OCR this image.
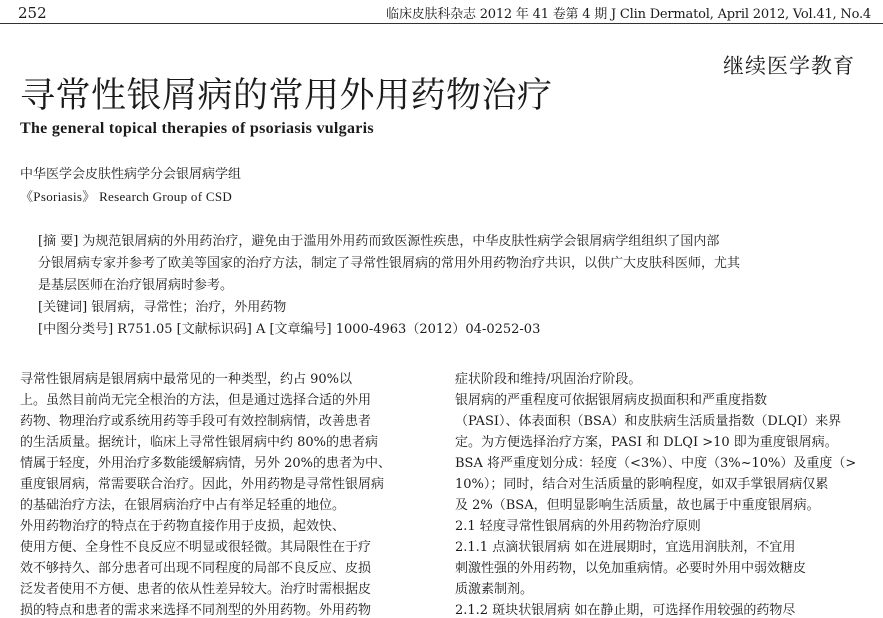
252	临床皮肤科杂志 2012 年 41 卷第 4 期 J Clin Dermatol, April 2012, Vol.41, No.4
继续医学教育
寻常性银屑病的常用外用药物治疗
The general topical therapies of psoriasis vulgaris
中华医学会皮肤性病学分会银屑病学组
《Psoriasis》 Research Group of CSD
[摘 要] 为规范银屑病的外用药治疗，避免由于滥用外用药而致医源性疾患，中华皮肤性病学会银屑病学组组织了国内部
分银屑病专家并参考了欧美等国家的治疗方法，制定了寻常性银屑病的常用外用药物治疗共识，以供广大皮肤科医师，尤其
是基层医师在治疗银屑病时参考。
[关键词] 银屑病，寻常性；治疗，外用药物
[中图分类号] R751.05 [文献标识码] A [文章编号] 1000-4963（2012）04-0252-03
寻常性银屑病是银屑病中最常见的一种类型，约占 90%以
上。虽然目前尚无完全根治的方法，但是通过选择合适的外用
药物、物理治疗或系统用药等手段可有效控制病情，改善患者
的生活质量。据统计，临床上寻常性银屑病中约 80%的患者病
情属于轻度，外用治疗多数能缓解病情，另外 20%的患者为中、
重度银屑病，常需要联合治疗。因此，外用药物是寻常性银屑病
的基础治疗方法，在银屑病治疗中占有举足轻重的地位。
外用药物治疗的特点在于药物直接作用于皮损，起效快、
使用方便、全身性不良反应不明显或很轻微。其局限性在于疗
效不够持久、部分患者可出现不同程度的局部不良反应、皮损
泛发者使用不方便、患者的依从性差异较大。治疗时需根据皮
损的特点和患者的需求来选择不同剂型的外用药物。外用药物
症状阶段和维持/巩固治疗阶段。
银屑病的严重程度可依据银屑病皮损面积和严重度指数
（PASI）、体表面积（BSA）和皮肤病生活质量指数（DLQI）来界
定。为方便选择治疗方案，PASI 和 DLQI >10 即为重度银屑病。
BSA 将严重度划分成：轻度（<3%）、中度（3%~10%）及重度（>
10%）；同时，结合对生活质量的影响程度，如双手掌银屑病仅累
及 2%（BSA，但明显影响生活质量，故也属于中重度银屑病。
2.1 轻度寻常性银屑病的外用药物治疗原则
2.1.1 点滴状银屑病 如在进展期时，宜选用润肤剂，不宜用
刺激性强的外用药物，以免加重病情。必要时外用中弱效糖皮
质激素制剂。
2.1.2 斑块状银屑病 如在静止期，可选择作用较强的药物尽
